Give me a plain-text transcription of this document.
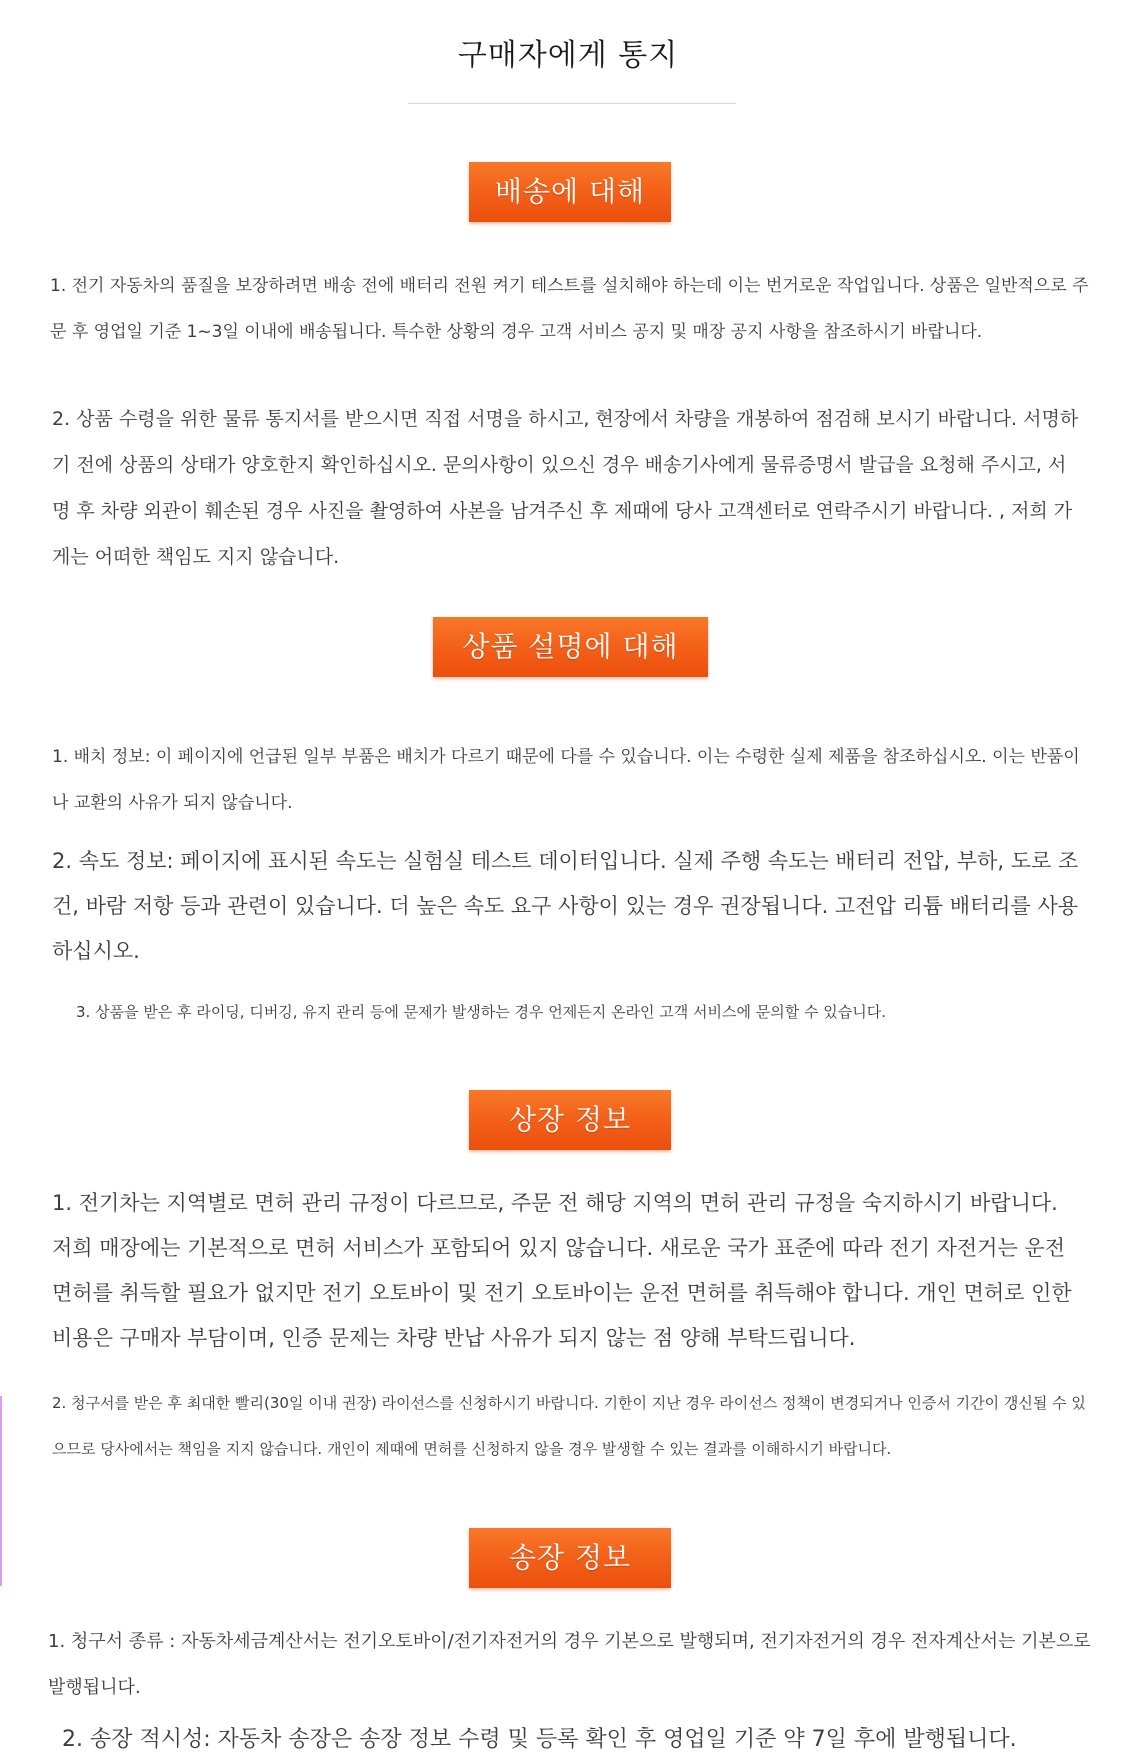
구매자에게 통지
배송에 대해

1. 전기 자동차의 품질을 보장하려면 배송 전에 배터리 전원 켜기 테스트를 설치해야 하는데 이는 번거로운 작업입니다. 상품은 일반적으로 주문 후 영업일 기준 1~3일 이내에 배송됩니다. 특수한 상황의 경우 고객 서비스 공지 및 매장 공지 사항을 참조하시기 바랍니다.

2. 상품 수령을 위한 물류 통지서를 받으시면 직접 서명을 하시고, 현장에서 차량을 개봉하여 점검해 보시기 바랍니다. 서명하기 전에 상품의 상태가 양호한지 확인하십시오. 문의사항이 있으신 경우 배송기사에게 물류증명서 발급을 요청해 주시고, 서명 후 차량 외관이 훼손된 경우 사진을 촬영하여 사본을 남겨주신 후 제때에 당사 고객센터로 연락주시기 바랍니다. , 저희 가게는 어떠한 책임도 지지 않습니다.

상품 설명에 대해

1. 배치 정보: 이 페이지에 언급된 일부 부품은 배치가 다르기 때문에 다를 수 있습니다. 이는 수령한 실제 제품을 참조하십시오. 이는 반품이나 교환의 사유가 되지 않습니다.

2. 속도 정보: 페이지에 표시된 속도는 실험실 테스트 데이터입니다. 실제 주행 속도는 배터리 전압, 부하, 도로 조건, 바람 저항 등과 관련이 있습니다. 더 높은 속도 요구 사항이 있는 경우 권장됩니다. 고전압 리튬 배터리를 사용하십시오.

3. 상품을 받은 후 라이딩, 디버깅, 유지 관리 등에 문제가 발생하는 경우 언제든지 온라인 고객 서비스에 문의할 수 있습니다.

상장 정보

1. 전기차는 지역별로 면허 관리 규정이 다르므로, 주문 전 해당 지역의 면허 관리 규정을 숙지하시기 바랍니다. 저희 매장에는 기본적으로 면허 서비스가 포함되어 있지 않습니다. 새로운 국가 표준에 따라 전기 자전거는 운전 면허를 취득할 필요가 없지만 전기 오토바이 및 전기 오토바이는 운전 면허를 취득해야 합니다. 개인 면허로 인한 비용은 구매자 부담이며, 인증 문제는 차량 반납 사유가 되지 않는 점 양해 부탁드립니다.

2. 청구서를 받은 후 최대한 빨리(30일 이내 권장) 라이선스를 신청하시기 바랍니다. 기한이 지난 경우 라이선스 정책이 변경되거나 인증서 기간이 갱신될 수 있으므로 당사에서는 책임을 지지 않습니다. 개인이 제때에 면허를 신청하지 않을 경우 발생할 수 있는 결과를 이해하시기 바랍니다.

송장 정보

1. 청구서 종류 : 자동차세금계산서는 전기오토바이/전기자전거의 경우 기본으로 발행되며, 전기자전거의 경우 전자계산서는 기본으로 발행됩니다.

2. 송장 적시성: 자동차 송장은 송장 정보 수령 및 등록 확인 후 영업일 기준 약 7일 후에 발행됩니다.
